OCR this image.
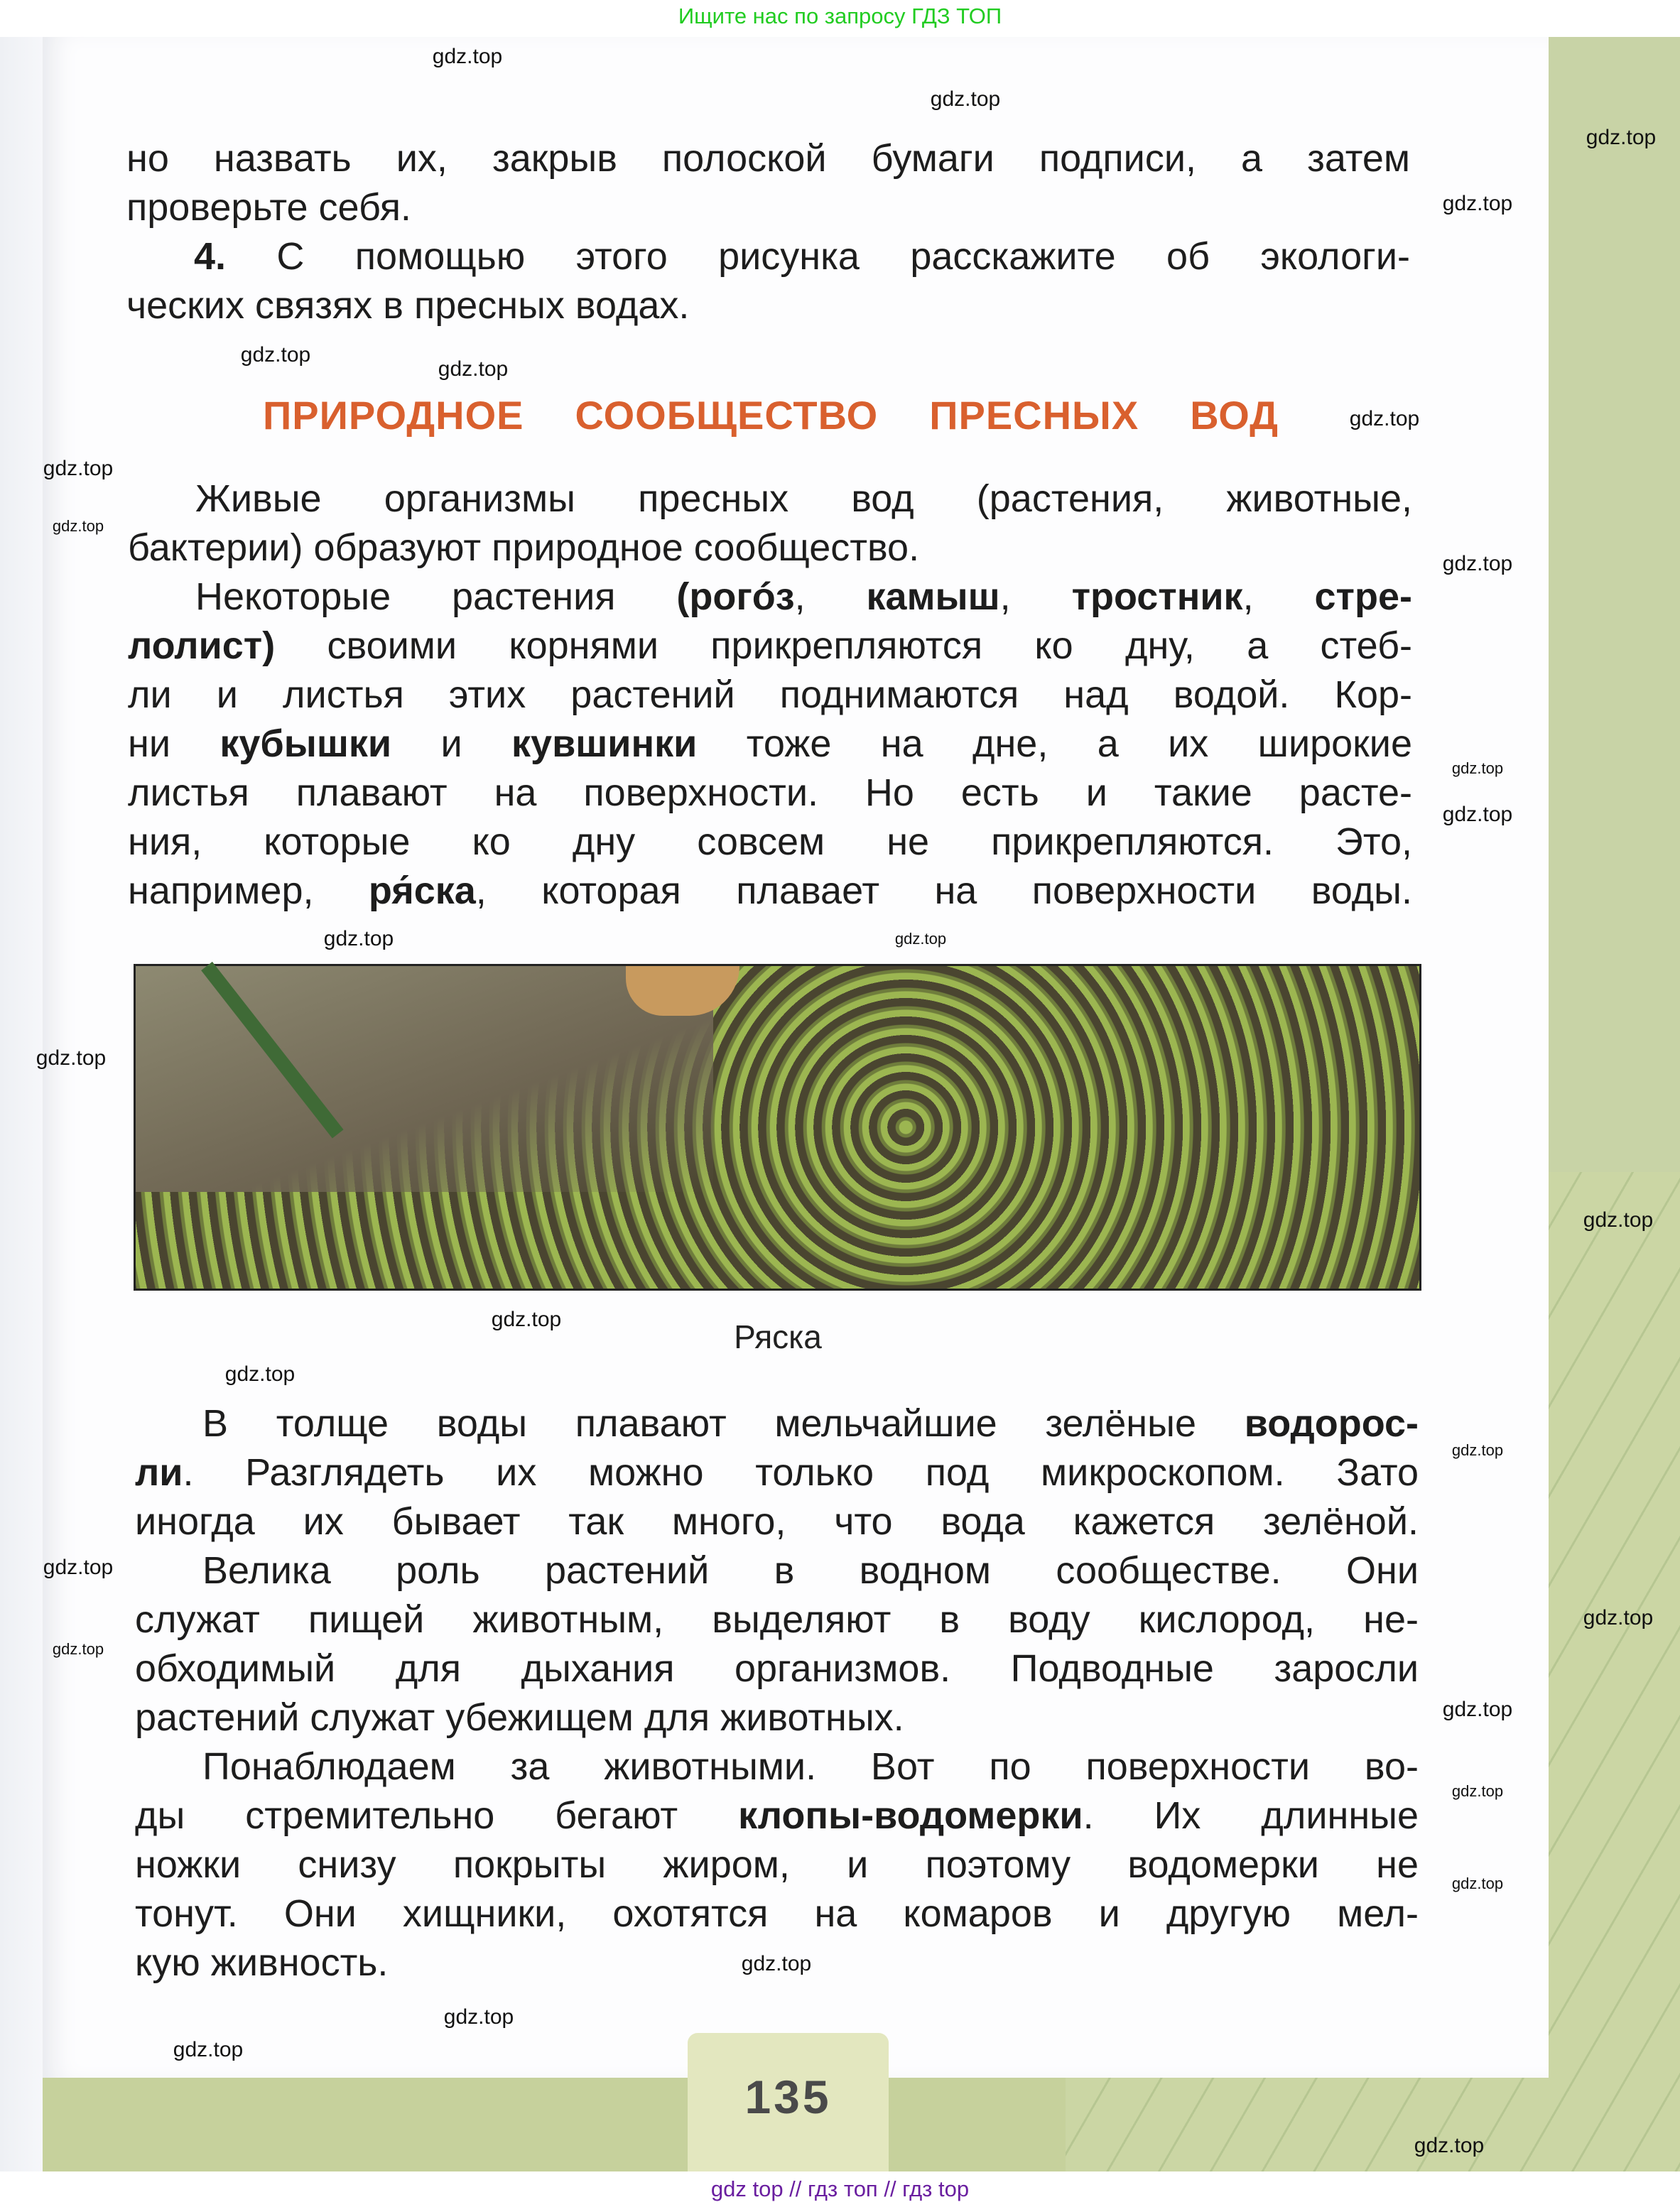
Ищите нас по запросу ГДЗ ТОП
но назвать их, закрыв полоской бумаги подписи, а затем
проверьте себя.
4. С помощью этого рисунка расскажите об экологи-
ческих связях в пресных водах.
ПРИРОДНОЕ СООБЩЕСТВО ПРЕСНЫХ ВОД
Живые организмы пресных вод (растения, животные,
бактерии) образуют природное сообщество.
Некоторые растения (рогóз, камыш, тростник, стре-
лолист) своими корнями прикрепляются ко дну, а стеб-
ли и листья этих растений поднимаются над водой. Кор-
ни кубышки и кувшинки тоже на дне, а их широкие
листья плавают на поверхности. Но есть и такие расте-
ния, которые ко дну совсем не прикрепляются. Это,
например, ря́ска, которая плавает на поверхности воды.
Ряска
В толще воды плавают мельчайшие зелёные водорос-
ли. Разглядеть их можно только под микроскопом. Зато
иногда их бывает так много, что вода кажется зелёной.
Велика роль растений в водном сообществе. Они
служат пищей животным, выделяют в воду кислород, не-
обходимый для дыхания организмов. Подводные заросли
растений служат убежищем для животных.
Понаблюдаем за животными. Вот по поверхности во-
ды стремительно бегают клопы-водомерки. Их длинные
ножки снизу покрыты жиром, и поэтому водомерки не
тонут. Они хищники, охотятся на комаров и другую мел-
кую живность.
135
gdz top // гдз топ // гдз top
gdz.top
gdz.top
gdz.top
gdz.top
gdz.top
gdz.top
gdz.top
gdz.top
gdz.top
gdz.top
gdz.top
gdz.top
gdz.top
gdz.top
gdz.top
gdz.top
gdz.top
gdz.top
gdz.top
gdz.top
gdz.top
gdz.top
gdz.top
gdz.top
gdz.top
gdz.top
gdz.top
gdz.top
gdz.top
